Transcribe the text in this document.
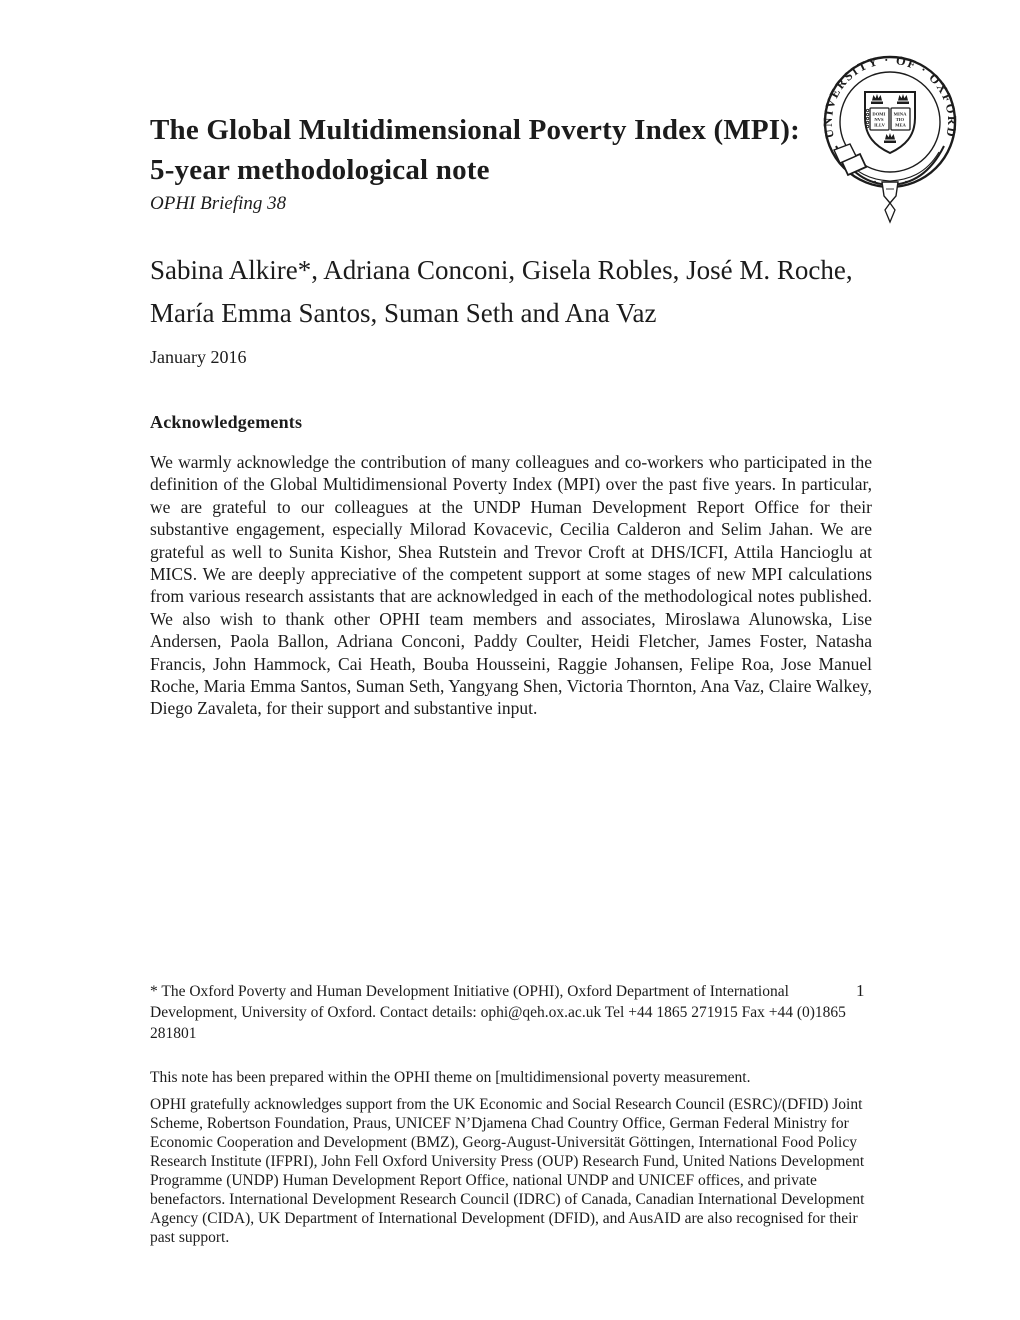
UNIVERSITY · OF · OXFORD
DOMI NVS ILLV
MINA TIO MEA
The Global Multidimensional Poverty Index (MPI):
5-year methodological note
OPHI Briefing 38
Sabina Alkire*, Adriana Conconi, Gisela Robles, José M. Roche, María Emma Santos, Suman Seth and Ana Vaz
January 2016
Acknowledgements

We warmly acknowledge the contribution of many colleagues and co-workers who participated in the definition of the Global Multidimensional Poverty Index (MPI) over the past five years. In particular, we are grateful to our colleagues at the UNDP Human Development Report Office for their substantive engagement, especially Milorad Kovacevic, Cecilia Calderon and Selim Jahan. We are grateful as well to Sunita Kishor, Shea Rutstein and Trevor Croft at DHS/ICFI, Attila Hancioglu at MICS. We are deeply appreciative of the competent support at some stages of new MPI calculations from various research assistants that are acknowledged in each of the methodological notes published. We also wish to thank other OPHI team members and associates, Miroslawa Alunowska, Lise Andersen, Paola Ballon, Adriana Conconi, Paddy Coulter, Heidi Fletcher, James Foster, Natasha Francis, John Hammock, Cai Heath, Bouba Housseini, Raggie Johansen, Felipe Roa, Jose Manuel Roche, Maria Emma Santos, Suman Seth, Yangyang Shen, Victoria Thornton, Ana Vaz, Claire Walkey, Diego Zavaleta, for their support and substantive input.

* The Oxford Poverty and Human Development Initiative (OPHI), Oxford Department of International Development, University of Oxford. Contact details: ophi@qeh.ox.ac.uk Tel +44 1865 271915 Fax +44 (0)1865 281801
1
This note has been prepared within the OPHI theme on [multidimensional poverty measurement.
OPHI gratefully acknowledges support from the UK Economic and Social Research Council (ESRC)/(DFID) Joint Scheme, Robertson Foundation, Praus, UNICEF N’Djamena Chad Country Office, German Federal Ministry for Economic Cooperation and Development (BMZ), Georg-August-Universität Göttingen, International Food Policy Research Institute (IFPRI), John Fell Oxford University Press (OUP) Research Fund, United Nations Development Programme (UNDP) Human Development Report Office, national UNDP and UNICEF offices, and private benefactors. International Development Research Council (IDRC) of Canada, Canadian International Development Agency (CIDA), UK Department of International Development (DFID), and AusAID are also recognised for their past support.
